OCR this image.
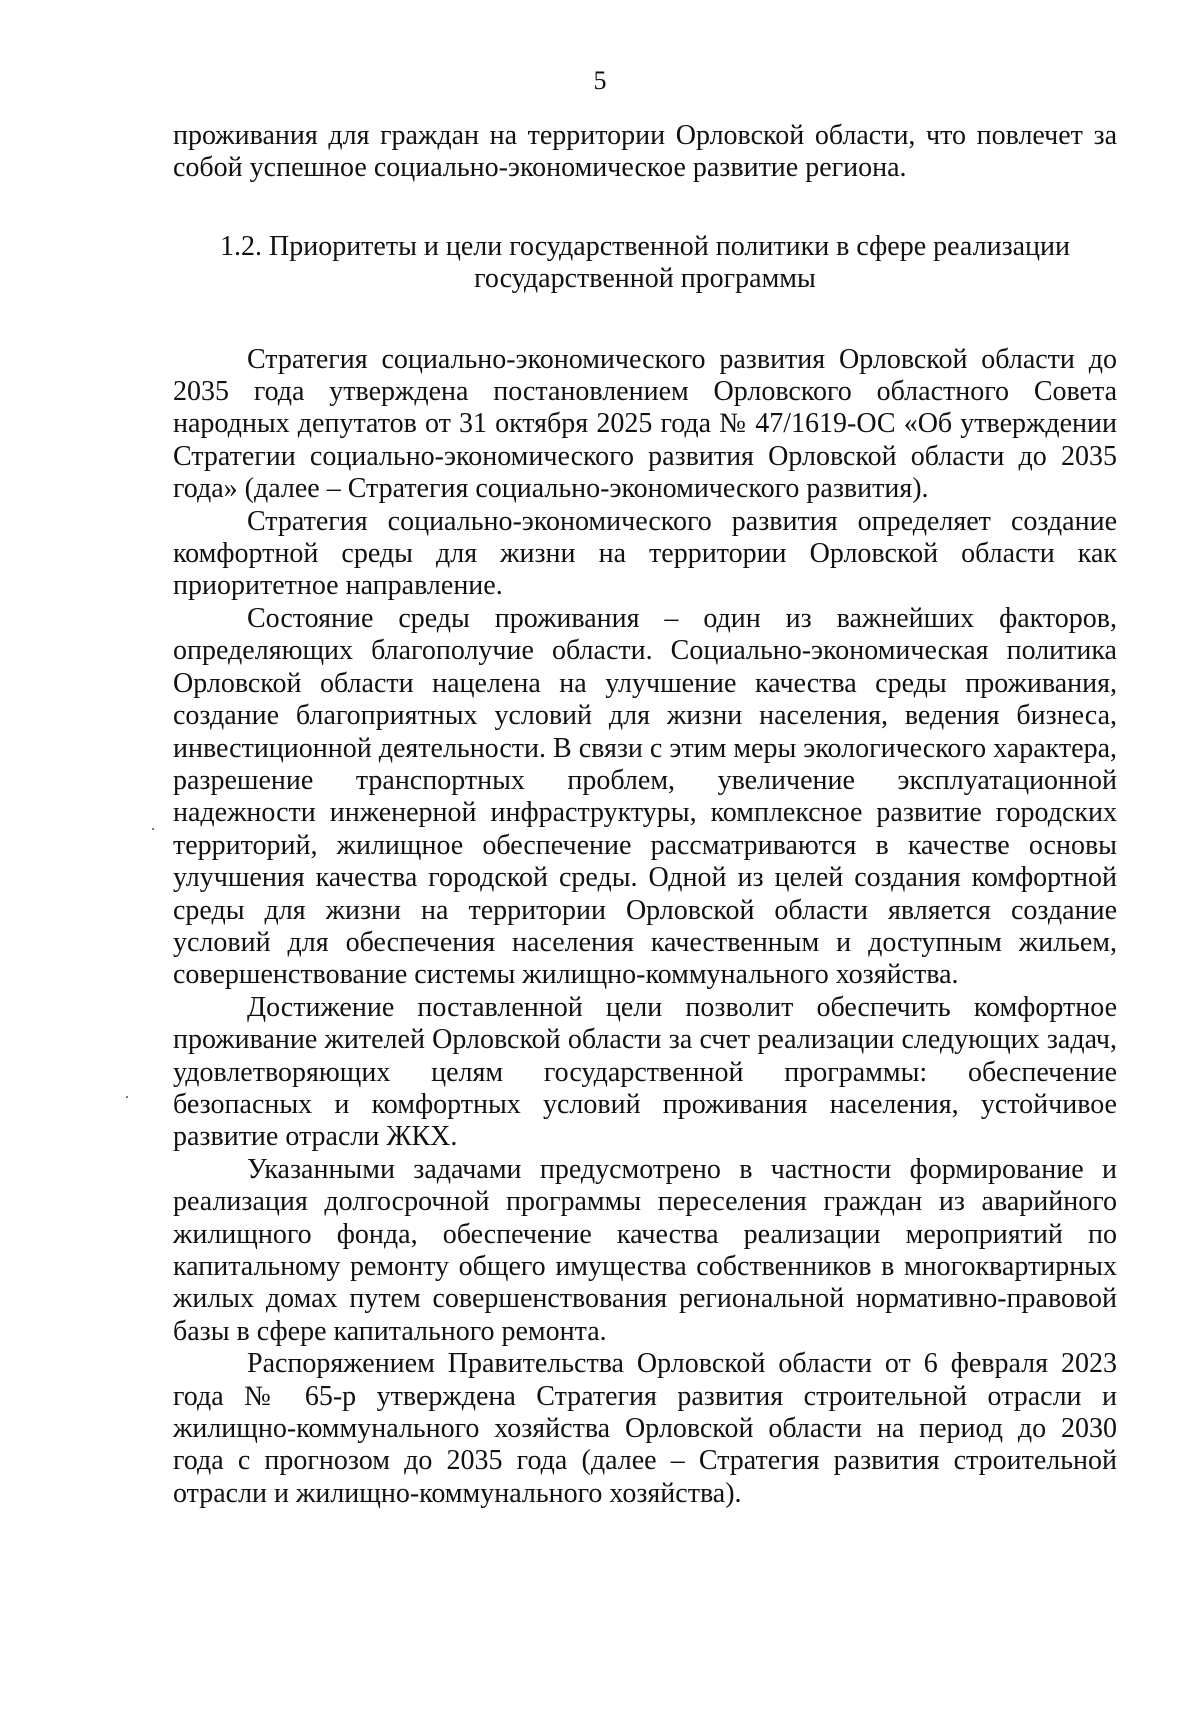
5

проживания для граждан на территории Орловской области, что повлечет за собой успешное социально-экономическое развитие региона.

1.2. Приоритеты и цели государственной политики в сфере реализации
государственной программы

Стратегия социально-экономического развития Орловской области до 2035 года утверждена постановлением Орловского областного Совета народных депутатов от 31 октября 2025 года № 47/1619-ОС «Об утверждении Стратегии социально-экономического развития Орловской области до 2035 года» (далее – Стратегия социально-экономического развития).

Стратегия социально-экономического развития определяет создание комфортной среды для жизни на территории Орловской области как приоритетное направление.

Состояние среды проживания – один из важнейших факторов, определяющих благополучие области. Социально-экономическая политика Орловской области нацелена на улучшение качества среды проживания, создание благоприятных условий для жизни населения, ведения бизнеса, инвестиционной деятельности. В связи с этим меры экологического характера, разрешение транспортных проблем, увеличение эксплуатационной надежности инженерной инфраструктуры, комплексное развитие городских территорий, жилищное обеспечение рассматриваются в качестве основы улучшения качества городской среды. Одной из целей создания комфортной среды для жизни на территории Орловской области является создание условий для обеспечения населения качественным и доступным жильем, совершенствование системы жилищно-коммунального хозяйства.

Достижение поставленной цели позволит обеспечить комфортное проживание жителей Орловской области за счет реализации следующих задач, удовлетворяющих целям государственной программы: обеспечение безопасных и комфортных условий проживания населения, устойчивое развитие отрасли ЖКХ.

Указанными задачами предусмотрено в частности формирование и реализация долгосрочной программы переселения граждан из аварийного жилищного фонда, обеспечение качества реализации мероприятий по капитальному ремонту общего имущества собственников в многоквартирных жилых домах путем совершенствования региональной нормативно-правовой базы в сфере капитального ремонта.

Распоряжением Правительства Орловской области от 6 февраля 2023 года № 65-р утверждена Стратегия развития строительной отрасли и жилищно-коммунального хозяйства Орловской области на период до 2030 года с прогнозом до 2035 года (далее – Стратегия развития строительной отрасли и жилищно-коммунального хозяйства).

·
·
